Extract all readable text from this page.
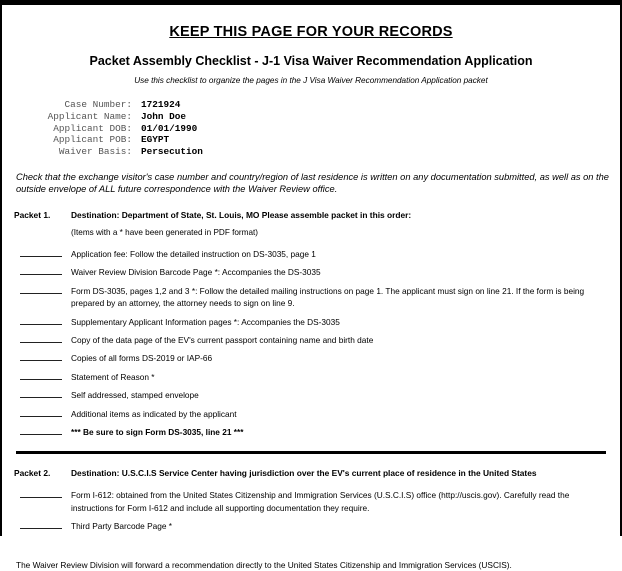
KEEP THIS PAGE FOR YOUR RECORDS
Packet Assembly Checklist - J-1 Visa Waiver Recommendation Application
Use this checklist to organize the pages in the J Visa Waiver Recommendation Application packet
Case Number: 1721924
Applicant Name: John Doe
Applicant DOB: 01/01/1990
Applicant POB: EGYPT
Waiver Basis: Persecution
Check that the exchange visitor's case number and country/region of last residence is written on any documentation submitted, as well as on the outside envelope of ALL future correspondence with the Waiver Review office.
Packet 1.	Destination: Department of State, St. Louis, MO Please assemble packet in this order:
(Items with a * have been generated in PDF format)
Application fee: Follow the detailed instruction on DS-3035, page 1
Waiver Review Division Barcode Page *: Accompanies the DS-3035
Form DS-3035, pages 1,2 and 3 *: Follow the detailed mailing instructions on page 1. The applicant must sign on line 21. If the form is being prepared by an attorney, the attorney needs to sign on line 9.
Supplementary Applicant Information pages *: Accompanies the DS-3035
Copy of the data page of the EV's current passport containing name and birth date
Copies of all forms DS-2019 or IAP-66
Statement of Reason *
Self addressed, stamped envelope
Additional items as indicated by the applicant
*** Be sure to sign Form DS-3035, line 21 ***
Packet 2.	Destination: U.S.C.I.S Service Center having jurisdiction over the EV's current place of residence in the United States
Form I-612: obtained from the United States Citizenship and Immigration Services (U.S.C.I.S) office (http://uscis.gov). Carefully read the instructions for Form I-612 and include all supporting documentation they require.
Third Party Barcode Page *
The Waiver Review Division will forward a recommendation directly to the United States Citizenship and Immigration Services (USCIS).
